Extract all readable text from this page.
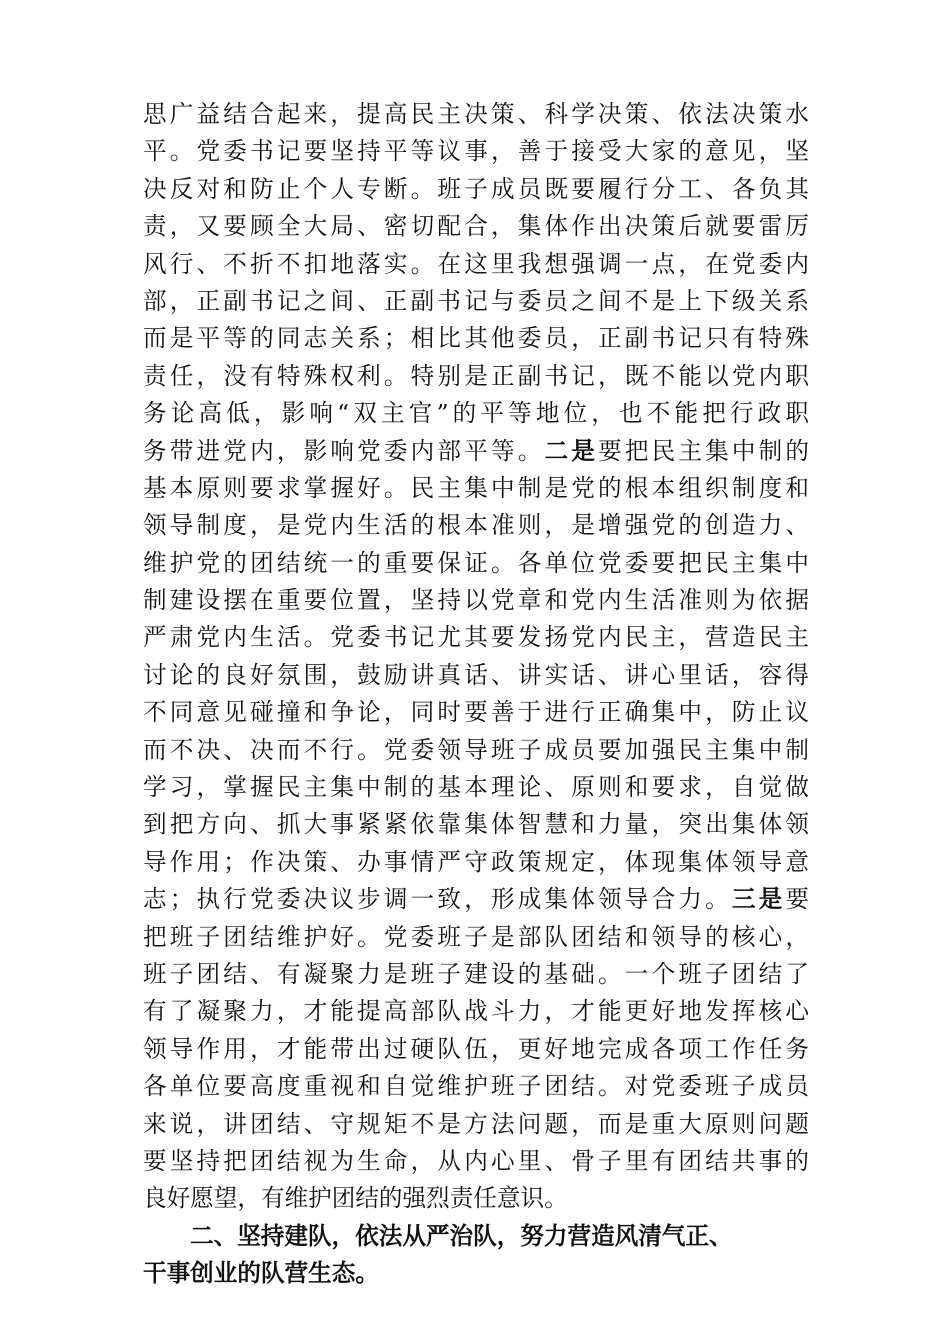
思广益结合起来，提高民主决策、科学决策、依法决策水
平。党委书记要坚持平等议事，善于接受大家的意见，坚
决反对和防止个人专断。班子成员既要履行分工、各负其
责，又要顾全大局、密切配合，集体作出决策后就要雷厉
风行、不折不扣地落实。在这里我想强调一点，在党委内
部，正副书记之间、正副书记与委员之间不是上下级关系
而是平等的同志关系；相比其他委员，正副书记只有特殊
责任，没有特殊权利。特别是正副书记，既不能以党内职
务论高低，影响“双主官”的平等地位，也不能把行政职
务带进党内，影响党委内部平等。二是要把民主集中制的
基本原则要求掌握好。民主集中制是党的根本组织制度和
领导制度，是党内生活的根本准则，是增强党的创造力、
维护党的团结统一的重要保证。各单位党委要把民主集中
制建设摆在重要位置，坚持以党章和党内生活准则为依据
严肃党内生活。党委书记尤其要发扬党内民主，营造民主
讨论的良好氛围，鼓励讲真话、讲实话、讲心里话，容得
不同意见碰撞和争论，同时要善于进行正确集中，防止议
而不决、决而不行。党委领导班子成员要加强民主集中制
学习，掌握民主集中制的基本理论、原则和要求，自觉做
到把方向、抓大事紧紧依靠集体智慧和力量，突出集体领
导作用；作决策、办事情严守政策规定，体现集体领导意
志；执行党委决议步调一致，形成集体领导合力。三是要
把班子团结维护好。党委班子是部队团结和领导的核心，
班子团结、有凝聚力是班子建设的基础。一个班子团结了
有了凝聚力，才能提高部队战斗力，才能更好地发挥核心
领导作用，才能带出过硬队伍，更好地完成各项工作任务
各单位要高度重视和自觉维护班子团结。对党委班子成员
来说，讲团结、守规矩不是方法问题，而是重大原则问题
要坚持把团结视为生命，从内心里、骨子里有团结共事的
良好愿望，有维护团结的强烈责任意识。
二、坚持建队，依法从严治队，努力营造风清气正、
干事创业的队营生态。
